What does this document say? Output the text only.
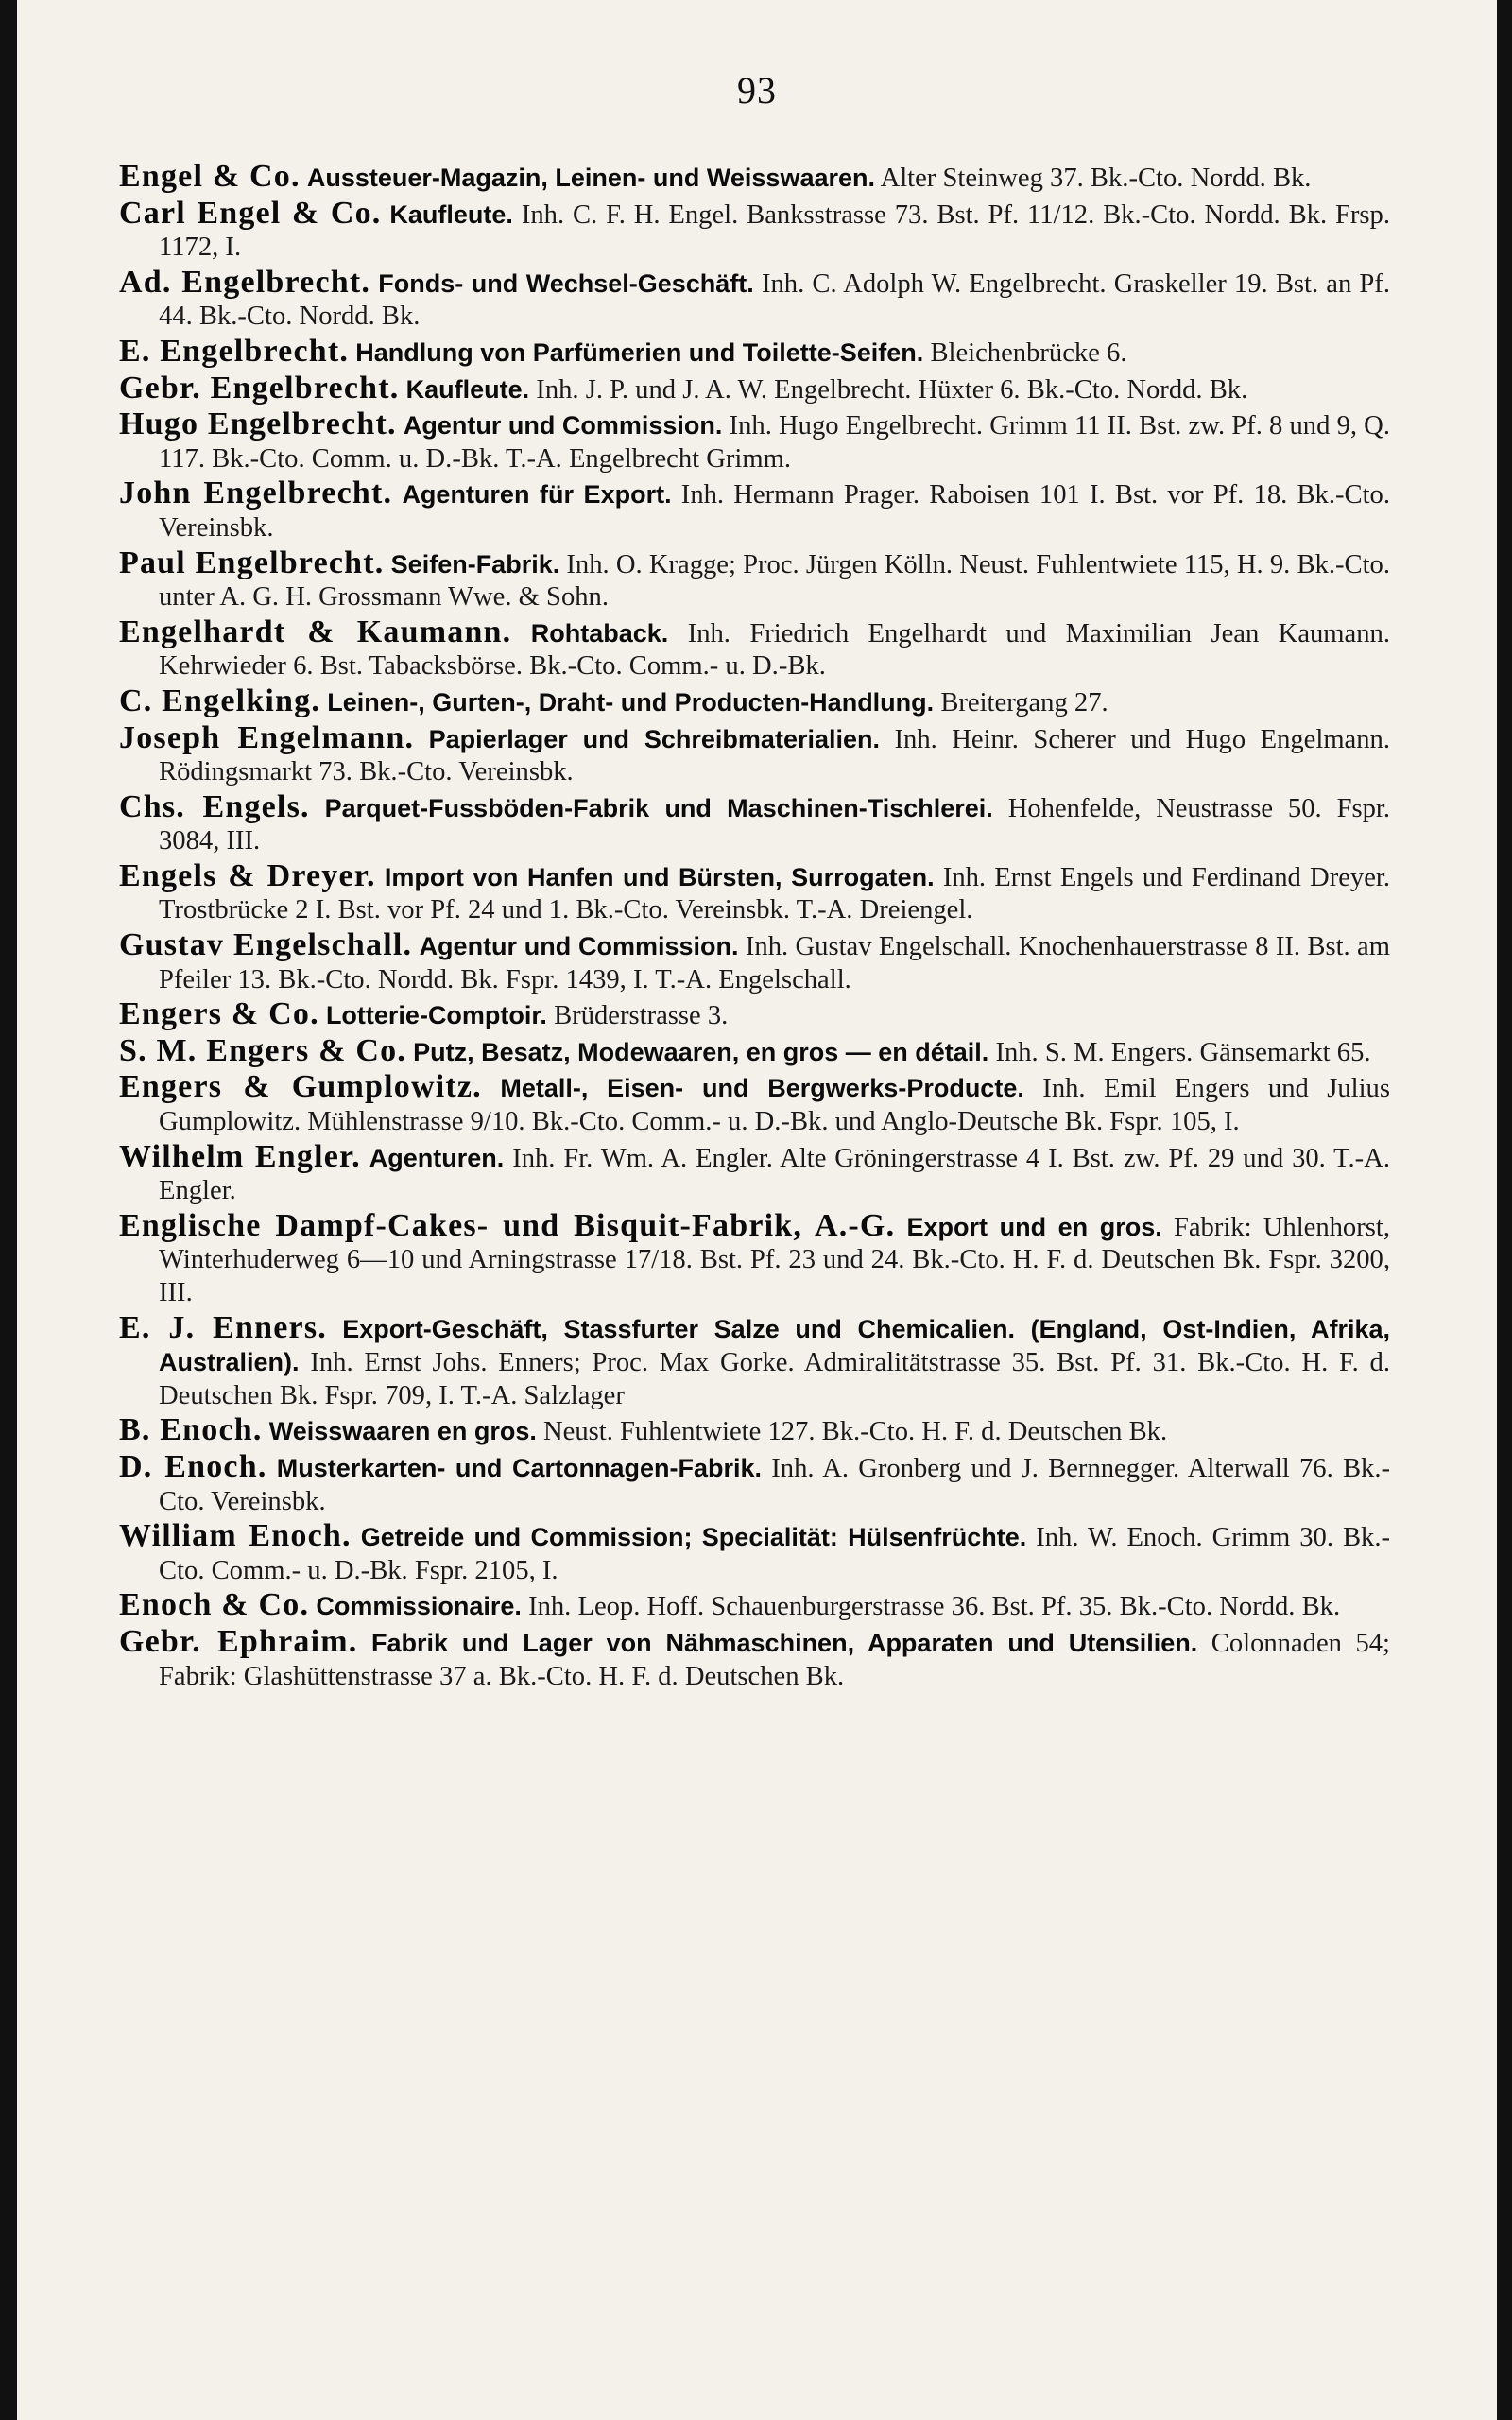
93
Engel & Co. Aussteuer-Magazin, Leinen- und Weisswaaren. Alter Steinweg 37. Bk.-Cto. Nordd. Bk.
Carl Engel & Co. Kaufleute. Inh. C. F. H. Engel. Banksstrasse 73. Bst. Pf. 11/12. Bk.-Cto. Nordd. Bk. Frsp. 1172, I.
Ad. Engelbrecht. Fonds- und Wechsel-Geschäft. Inh. C. Adolph W. Engelbrecht. Graskeller 19. Bst. an Pf. 44. Bk.-Cto. Nordd. Bk.
E. Engelbrecht. Handlung von Parfümerien und Toilette-Seifen. Bleichenbrücke 6.
Gebr. Engelbrecht. Kaufleute. Inh. J. P. und J. A. W. Engelbrecht. Hüxter 6. Bk.-Cto. Nordd. Bk.
Hugo Engelbrecht. Agentur und Commission. Inh. Hugo Engelbrecht. Grimm 11 II. Bst. zw. Pf. 8 und 9, Q. 117. Bk.-Cto. Comm. u. D.-Bk. T.-A. Engelbrecht Grimm.
John Engelbrecht. Agenturen für Export. Inh. Hermann Prager. Raboisen 101 I. Bst. vor Pf. 18. Bk.-Cto. Vereinsbk.
Paul Engelbrecht. Seifen-Fabrik. Inh. O. Kragge; Proc. Jürgen Kölln. Neust. Fuhlentwiete 115, H. 9. Bk.-Cto. unter A. G. H. Grossmann Wwe. & Sohn.
Engelhardt & Kaumann. Rohtaback. Inh. Friedrich Engelhardt und Maximilian Jean Kaumann. Kehrwieder 6. Bst. Tabacksbörse. Bk.-Cto. Comm.- u. D.-Bk.
C. Engelking. Leinen-, Gurten-, Draht- und Producten-Handlung. Breitergang 27.
Joseph Engelmann. Papierlager und Schreibmaterialien. Inh. Heinr. Scherer und Hugo Engelmann. Rödingsmarkt 73. Bk.-Cto. Vereinsbk.
Chs. Engels. Parquet-Fussböden-Fabrik und Maschinen-Tischlerei. Hohenfelde, Neustrasse 50. Fspr. 3084, III.
Engels & Dreyer. Import von Hanfen und Bürsten, Surrogaten. Inh. Ernst Engels und Ferdinand Dreyer. Trostbrücke 2 I. Bst. vor Pf. 24 und 1. Bk.-Cto. Vereinsbk. T.-A. Dreiengel.
Gustav Engelschall. Agentur und Commission. Inh. Gustav Engelschall. Knochenhauerstrasse 8 II. Bst. am Pfeiler 13. Bk.-Cto. Nordd. Bk. Fspr. 1439, I. T.-A. Engelschall.
Engers & Co. Lotterie-Comptoir. Brüderstrasse 3.
S. M. Engers & Co. Putz, Besatz, Modewaaren, en gros — en détail. Inh. S. M. Engers. Gänsemarkt 65.
Engers & Gumplowitz. Metall-, Eisen- und Bergwerks-Producte. Inh. Emil Engers und Julius Gumplowitz. Mühlenstrasse 9/10. Bk.-Cto. Comm.- u. D.-Bk. und Anglo-Deutsche Bk. Fspr. 105, I.
Wilhelm Engler. Agenturen. Inh. Fr. Wm. A. Engler. Alte Gröningerstrasse 4 I. Bst. zw. Pf. 29 und 30. T.-A. Engler.
Englische Dampf-Cakes- und Bisquit-Fabrik, A.-G. Export und en gros. Fabrik: Uhlenhorst, Winterhuderweg 6—10 und Arningstrasse 17/18. Bst. Pf. 23 und 24. Bk.-Cto. H. F. d. Deutschen Bk. Fspr. 3200, III.
E. J. Enners. Export-Geschäft, Stassfurter Salze und Chemicalien. (England, Ost-Indien, Afrika, Australien). Inh. Ernst Johs. Enners; Proc. Max Gorke. Admiralitätstrasse 35. Bst. Pf. 31. Bk.-Cto. H. F. d. Deutschen Bk. Fspr. 709, I. T.-A. Salzlager
B. Enoch. Weisswaaren en gros. Neust. Fuhlentwiete 127. Bk.-Cto. H. F. d. Deutschen Bk.
D. Enoch. Musterkarten- und Cartonnagen-Fabrik. Inh. A. Gronberg und J. Bernnegger. Alterwall 76. Bk.-Cto. Vereinsbk.
William Enoch. Getreide und Commission; Specialität: Hülsenfrüchte. Inh. W. Enoch. Grimm 30. Bk.-Cto. Comm.- u. D.-Bk. Fspr. 2105, I.
Enoch & Co. Commissionaire. Inh. Leop. Hoff. Schauenburgerstrasse 36. Bst. Pf. 35. Bk.-Cto. Nordd. Bk.
Gebr. Ephraim. Fabrik und Lager von Nähmaschinen, Apparaten und Utensilien. Colonnaden 54; Fabrik: Glashüttenstrasse 37 a. Bk.-Cto. H. F. d. Deutschen Bk.
